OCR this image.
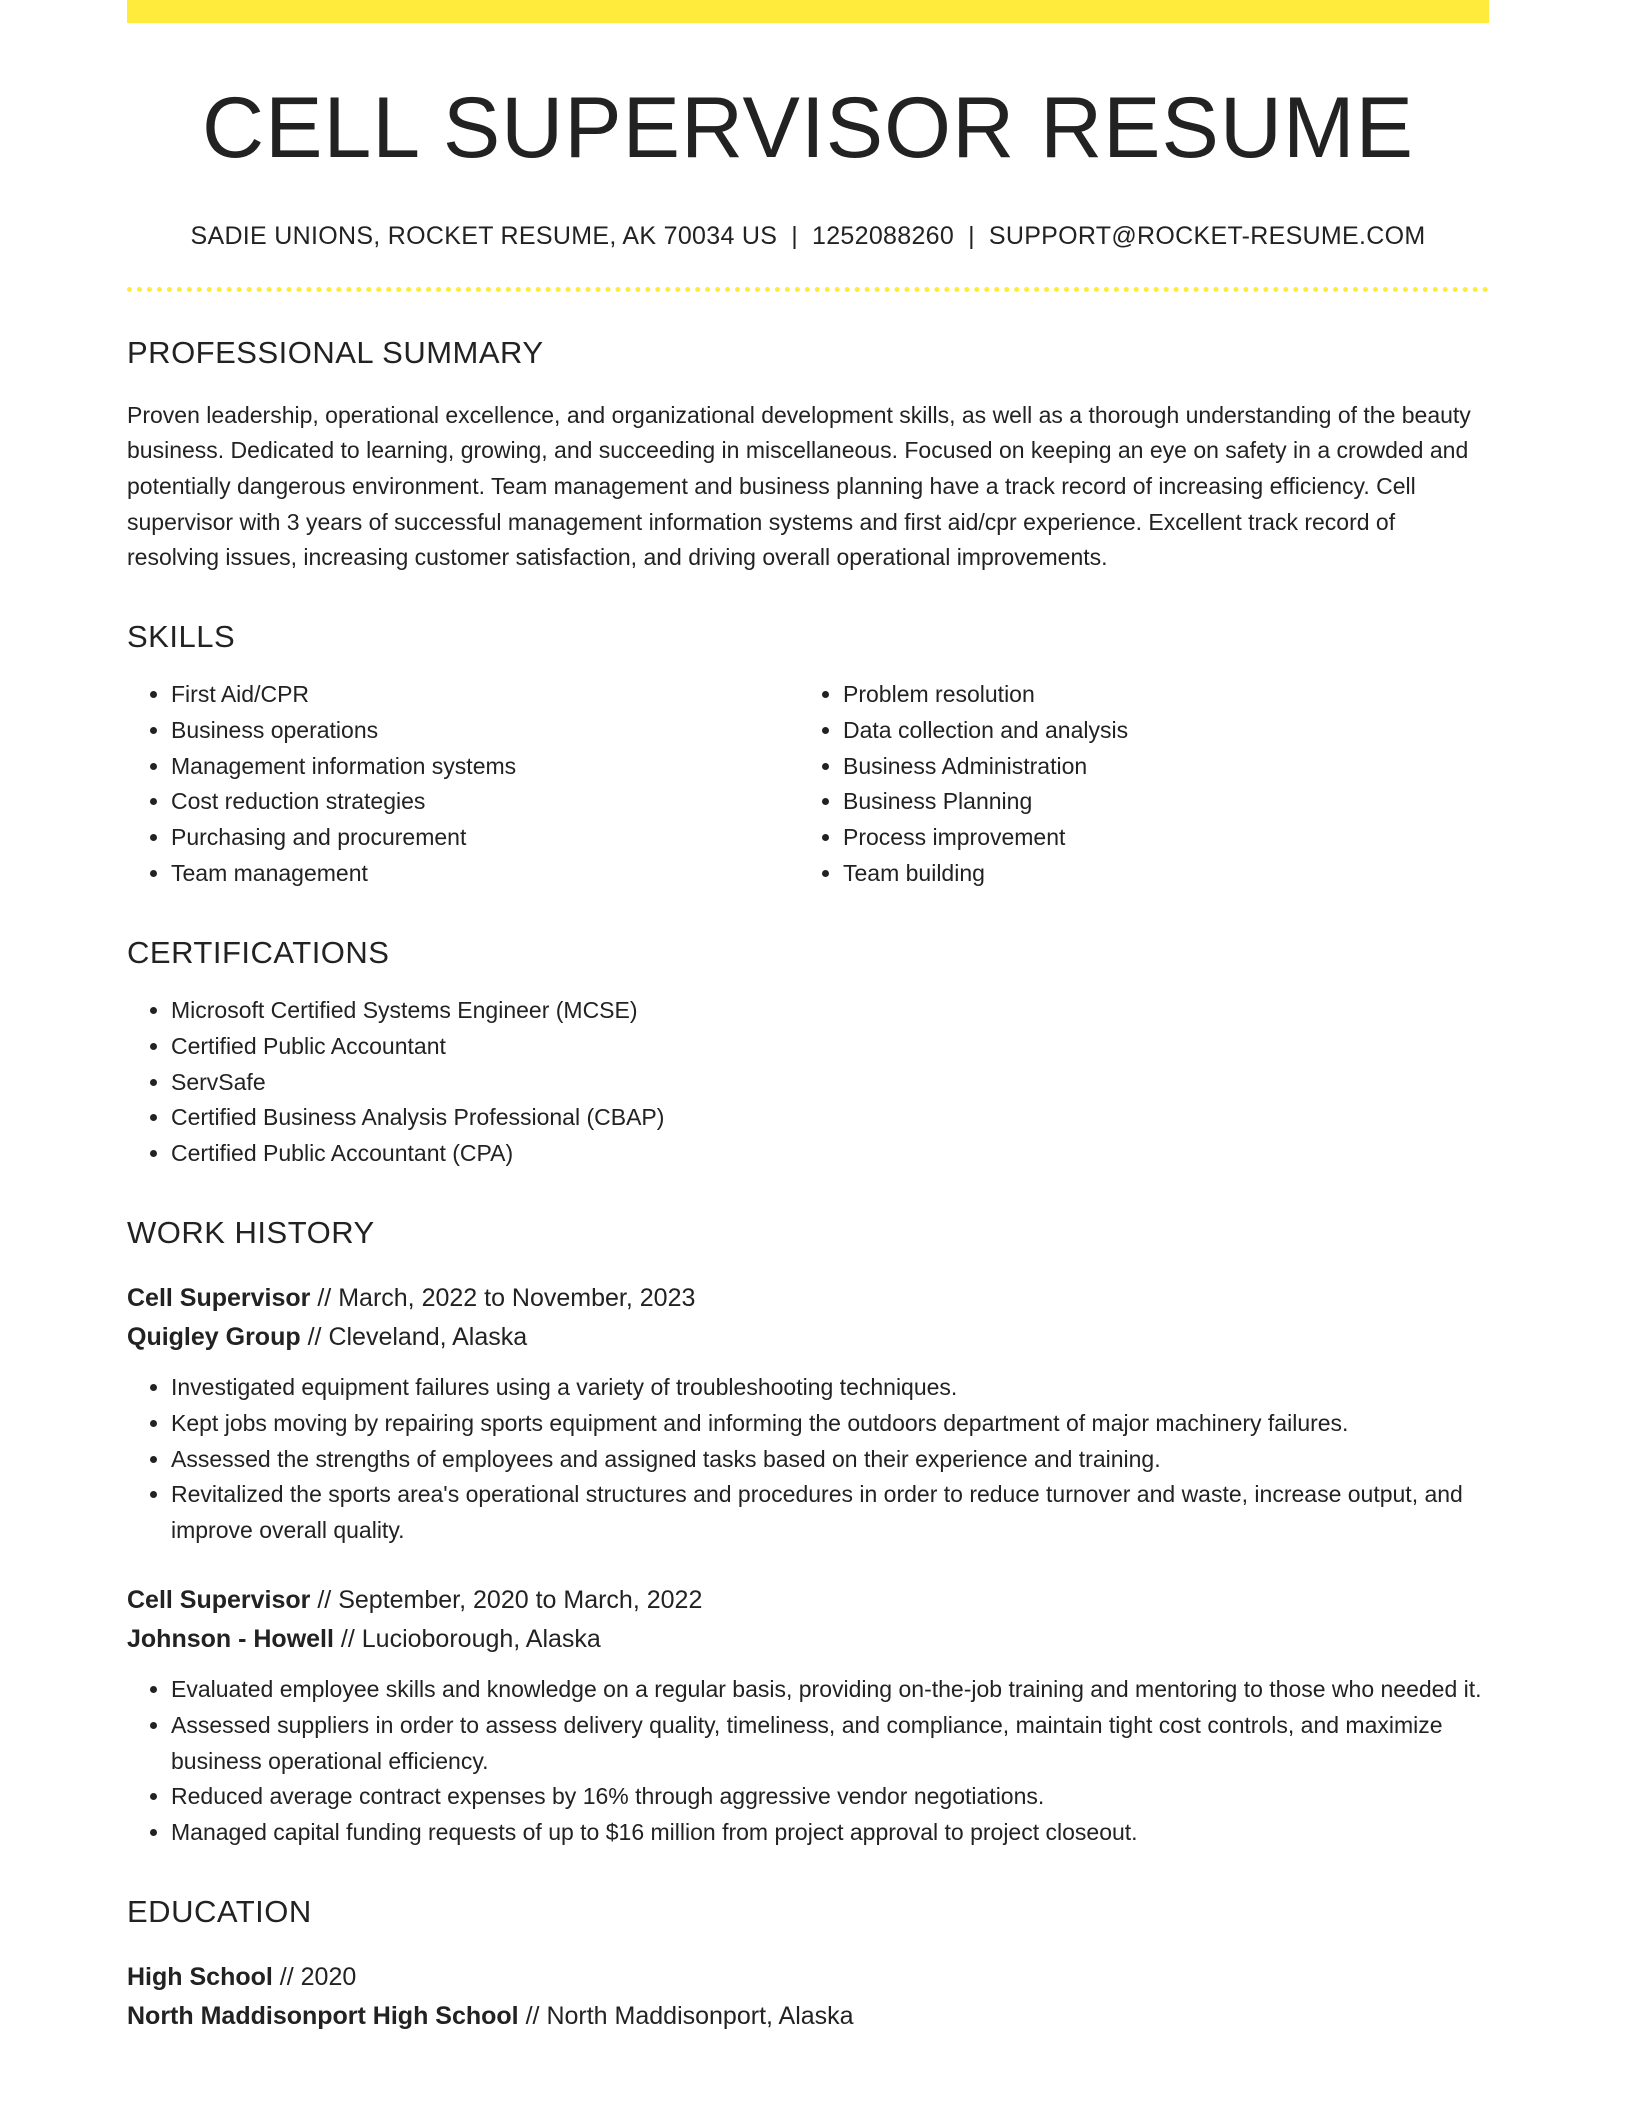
CELL SUPERVISOR RESUME
SADIE UNIONS, ROCKET RESUME, AK 70034 US | 1252088260 | SUPPORT@ROCKET-RESUME.COM
PROFESSIONAL SUMMARY

Proven leadership, operational excellence, and organizational development skills, as well as a thorough understanding of the beauty business. Dedicated to learning, growing, and succeeding in miscellaneous. Focused on keeping an eye on safety in a crowded and potentially dangerous environment. Team management and business planning have a track record of increasing efficiency. Cell supervisor with 3 years of successful management information systems and first aid/cpr experience. Excellent track record of resolving issues, increasing customer satisfaction, and driving overall operational improvements.

SKILLS
• First Aid/CPR
• Business operations
• Management information systems
• Cost reduction strategies
• Purchasing and procurement
• Team management
• Problem resolution
• Data collection and analysis
• Business Administration
• Business Planning
• Process improvement
• Team building
CERTIFICATIONS
• Microsoft Certified Systems Engineer (MCSE)
• Certified Public Accountant
• ServSafe
• Certified Business Analysis Professional (CBAP)
• Certified Public Accountant (CPA)
WORK HISTORY

Cell Supervisor // March, 2022 to November, 2023

Quigley Group // Cleveland, Alaska

• Investigated equipment failures using a variety of troubleshooting techniques.
• Kept jobs moving by repairing sports equipment and informing the outdoors department of major machinery failures.
• Assessed the strengths of employees and assigned tasks based on their experience and training.
• Revitalized the sports area's operational structures and procedures in order to reduce turnover and waste, increase output, and improve overall quality.

Cell Supervisor // September, 2020 to March, 2022

Johnson - Howell // Lucioborough, Alaska

• Evaluated employee skills and knowledge on a regular basis, providing on-the-job training and mentoring to those who needed it.
• Assessed suppliers in order to assess delivery quality, timeliness, and compliance, maintain tight cost controls, and maximize business operational efficiency.
• Reduced average contract expenses by 16% through aggressive vendor negotiations.
• Managed capital funding requests of up to $16 million from project approval to project closeout.
EDUCATION

High School // 2020

North Maddisonport High School // North Maddisonport, Alaska
